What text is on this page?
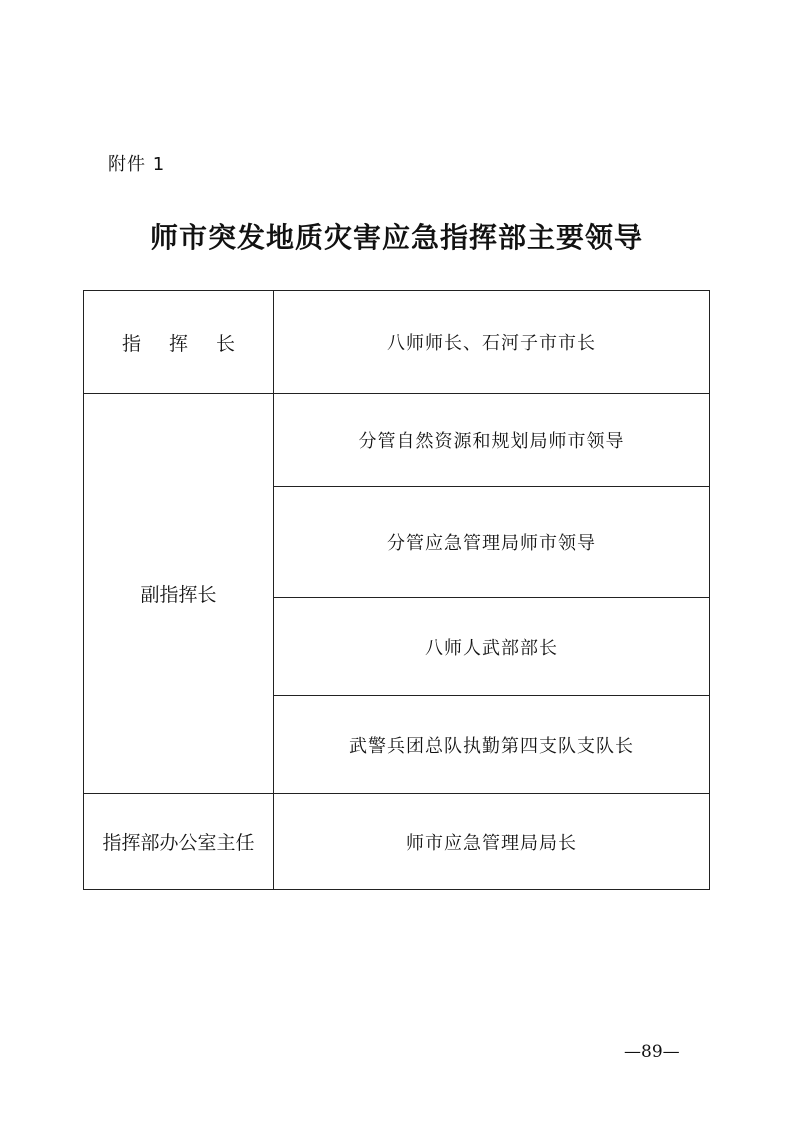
附件 1
师市突发地质灾害应急指挥部主要领导
指 挥 长	八师师长、石河子市市长
副指挥长	分管自然资源和规划局师市领导
	分管应急管理局师市领导
	八师人武部部长
	武警兵团总队执勤第四支队支队长
指挥部办公室主任	师市应急管理局局长
—89—
